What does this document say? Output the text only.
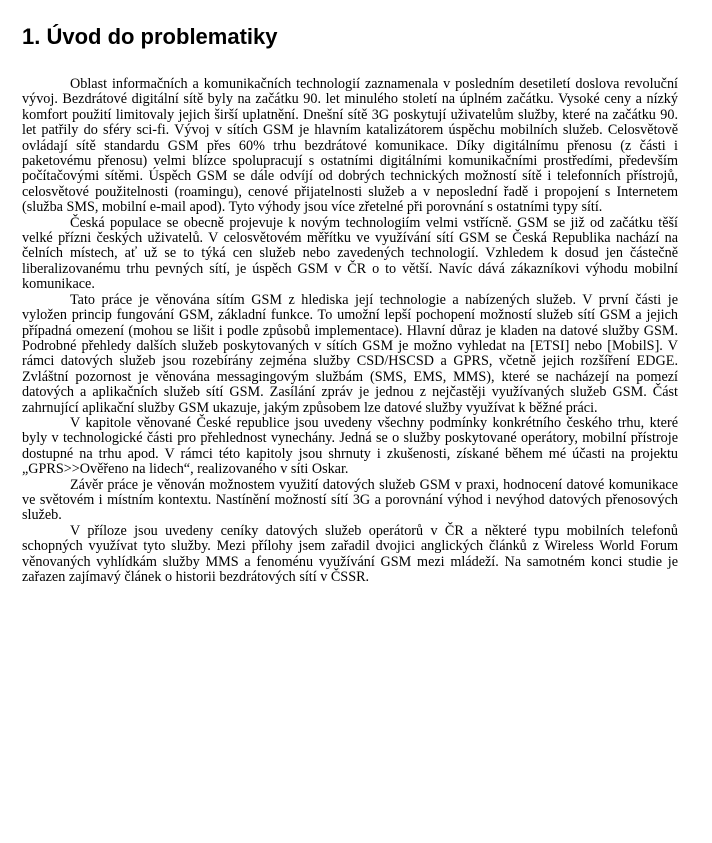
1. Úvod do problematiky

Oblast informačních a komunikačních technologií zaznamenala v posledním desetiletí doslova revoluční vývoj. Bezdrátové digitální sítě byly na začátku 90. let minulého století na úplném začátku. Vysoké ceny a nízký komfort použití limitovaly jejich širší uplatnění. Dnešní sítě 3G poskytují uživatelům služby, které na začátku 90. let patřily do sféry sci-fi. Vývoj v sítích GSM je hlavním katalizátorem úspěchu mobilních služeb. Celosvětově ovládají sítě standardu GSM přes 60% trhu bezdrátové komunikace. Díky digitálnímu přenosu (z části i paketovému přenosu) velmi blízce spolupracují s ostatními digitálními komunikačními prostředími, především počítačovými sítěmi. Úspěch GSM se dále odvíjí od dobrých technických možností sítě i telefonních přístrojů, celosvětové použitelnosti (roamingu), cenové přijatelnosti služeb a v neposlední řadě i propojení s Internetem (služba SMS, mobilní e-mail apod). Tyto výhody jsou více zřetelné při porovnání s ostatními typy sítí.

Česká populace se obecně projevuje k novým technologiím velmi vstřícně. GSM se již od začátku těší velké přízni českých uživatelů. V celosvětovém měřítku ve využívání sítí GSM se Česká Republika nachází na čelních místech, ať už se to týká cen služeb nebo zavedených technologií. Vzhledem k dosud jen částečně liberalizovanému trhu pevných sítí, je úspěch GSM v ČR o to větší. Navíc dává zákazníkovi výhodu mobilní komunikace.

Tato práce je věnována sítím GSM z hlediska její technologie a nabízených služeb. V první části je vyložen princip fungování GSM, základní funkce. To umožní lepší pochopení možností služeb sítí GSM a jejich případná omezení (mohou se lišit i podle způsobů implementace). Hlavní důraz je kladen na datové služby GSM. Podrobné přehledy dalších služeb poskytovaných v sítích GSM je možno vyhledat na [ETSI] nebo [MobilS]. V rámci datových služeb jsou rozebírány zejména služby CSD/HSCSD a GPRS, včetně jejich rozšíření EDGE. Zvláštní pozornost je věnována messagingovým službám (SMS, EMS, MMS), které se nacházejí na pomezí datových a aplikačních služeb sítí GSM. Zasílání zpráv je jednou z nejčastěji využívaných služeb GSM. Část zahrnující aplikační služby GSM ukazuje, jakým způsobem lze datové služby využívat k běžné práci.

V kapitole věnované České republice jsou uvedeny všechny podmínky konkrétního českého trhu, které byly v technologické části pro přehlednost vynechány. Jedná se o služby poskytované operátory, mobilní přístroje dostupné na trhu apod. V rámci této kapitoly jsou shrnuty i zkušenosti, získané během mé účasti na projektu „GPRS>>Ověřeno na lidech“, realizovaného v síti Oskar.

Závěr práce je věnován možnostem využití datových služeb GSM v praxi, hodnocení datové komunikace ve světovém i místním kontextu. Nastínění možností sítí 3G a porovnání výhod i nevýhod datových přenosových služeb.

V příloze jsou uvedeny ceníky datových služeb operátorů v ČR a některé typu mobilních telefonů schopných využívat tyto služby. Mezi přílohy jsem zařadil dvojici anglických článků z Wireless World Forum věnovaných vyhlídkám služby MMS a fenoménu využívání GSM mezi mládeží. Na samotném konci studie je zařazen zajímavý článek o historii bezdrátových sítí v ČSSR.
